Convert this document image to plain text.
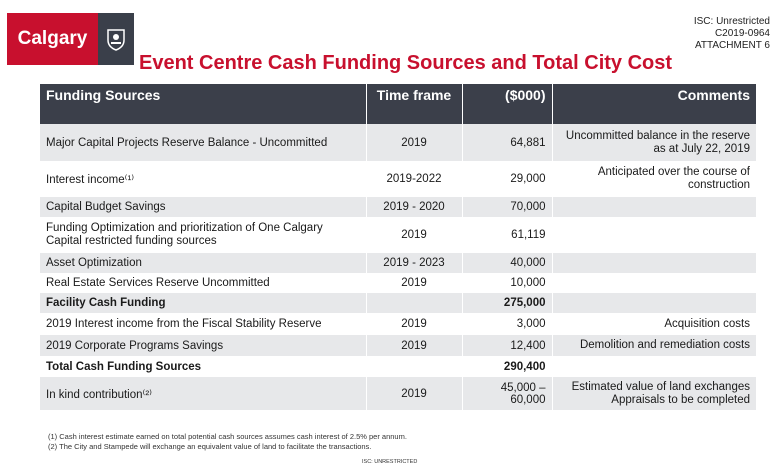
Calgary
ISC: Unrestricted
C2019-0964
ATTACHMENT 6
Event Centre Cash Funding Sources and Total City Cost
Funding Sources	Time frame	($000)	Comments
Major Capital Projects Reserve Balance - Uncommitted	2019	64,881	Uncommitted balance in the reserve as at July 22, 2019
Interest income⁽¹⁾	2019-2022	29,000	Anticipated over the course of construction
Capital Budget Savings	2019 - 2020	70,000	
Funding Optimization and prioritization of One Calgary Capital restricted funding sources	2019	61,119	
Asset Optimization	2019 - 2023	40,000	
Real Estate Services Reserve Uncommitted	2019	10,000	
Facility Cash Funding		275,000	
2019 Interest income from the Fiscal Stability Reserve	2019	3,000	Acquisition costs
2019 Corporate Programs Savings	2019	12,400	Demolition and remediation costs
Total Cash Funding Sources		290,400	
In kind contribution⁽²⁾	2019	45,000 – 60,000	Estimated value of land exchanges Appraisals to be completed
(1) Cash interest estimate earned on total potential cash sources assumes cash interest of 2.5% per annum.
(2) The City and Stampede will exchange an equivalent value of land to facilitate the transactions.
ISC: UNRESTRICTED
